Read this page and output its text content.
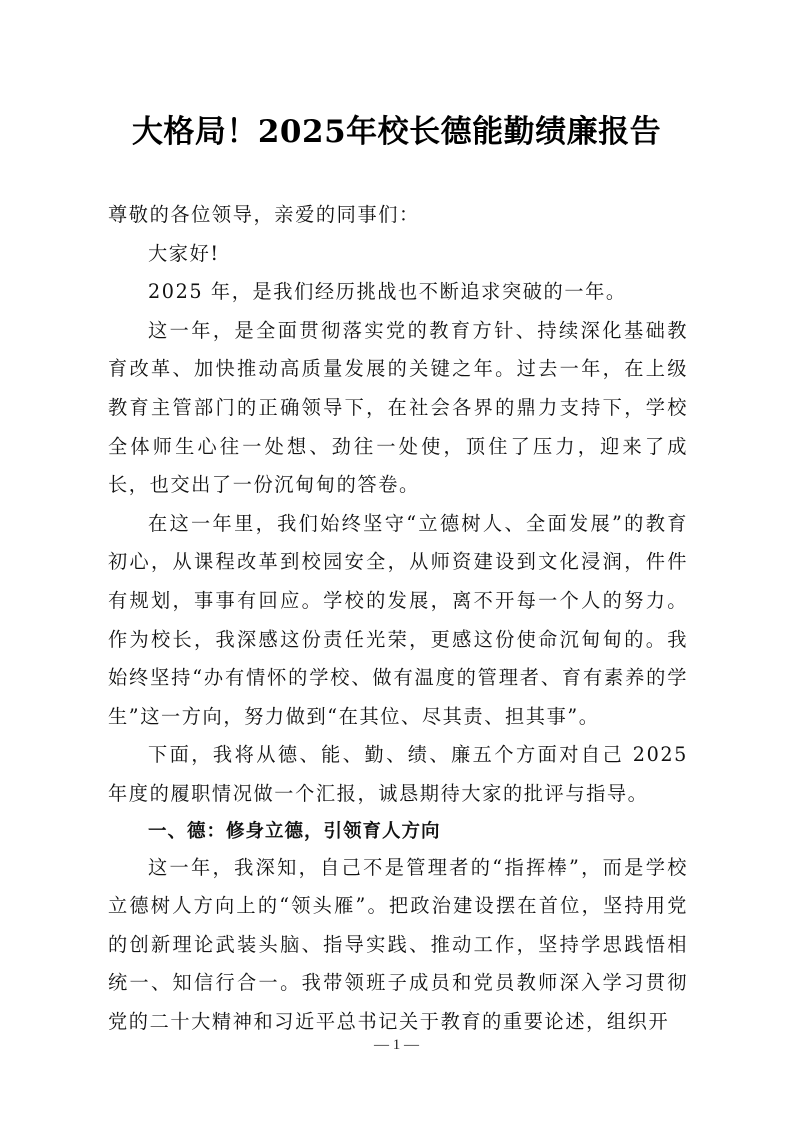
大格局！2025年校长德能勤绩廉报告

尊敬的各位领导，亲爱的同事们：

大家好!

2025 年，是我们经历挑战也不断追求突破的一年。

这一年，是全面贯彻落实党的教育方针、持续深化基础教育改革、加快推动高质量发展的关键之年。过去一年，在上级教育主管部门的正确领导下，在社会各界的鼎力支持下，学校全体师生心往一处想、劲往一处使，顶住了压力，迎来了成长，也交出了一份沉甸甸的答卷。

在这一年里，我们始终坚守“立德树人、全面发展”的教育初心，从课程改革到校园安全，从师资建设到文化浸润，件件有规划，事事有回应。学校的发展，离不开每一个人的努力。作为校长，我深感这份责任光荣，更感这份使命沉甸甸的。我始终坚持“办有情怀的学校、做有温度的管理者、育有素养的学生”这一方向，努力做到“在其位、尽其责、担其事”。

下面，我将从德、能、勤、绩、廉五个方面对自己 2025 年度的履职情况做一个汇报，诚恳期待大家的批评与指导。

一、德：修身立德，引领育人方向

这一年，我深知，自己不是管理者的“指挥棒”，而是学校立德树人方向上的“领头雁”。把政治建设摆在首位，坚持用党的创新理论武装头脑、指导实践、推动工作，坚持学思践悟相统一、知信行合一。我带领班子成员和党员教师深入学习贯彻党的二十大精神和习近平总书记关于教育的重要论述，组织开

— 1 —
